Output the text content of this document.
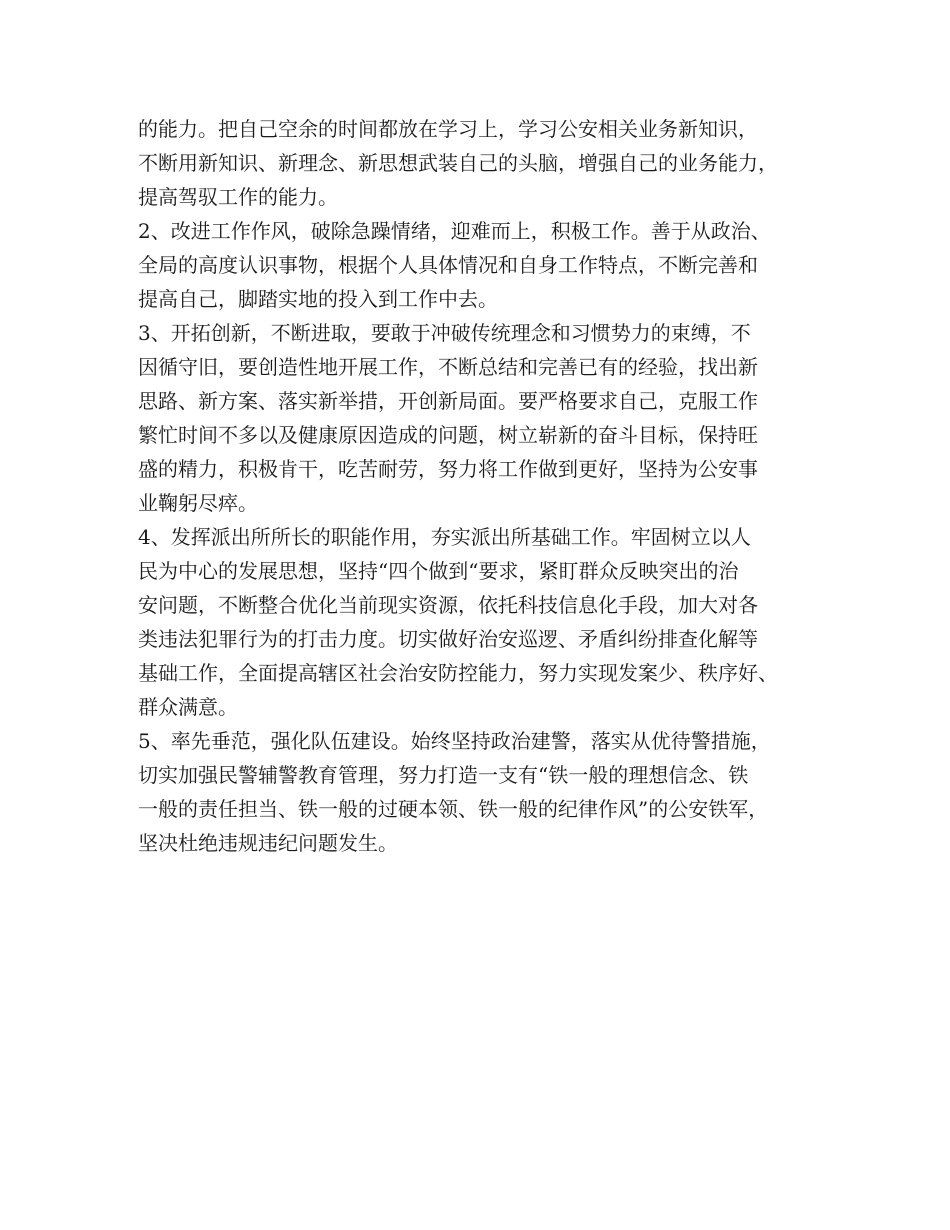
的能力。把自己空余的时间都放在学习上，学习公安相关业务新知识，
不断用新知识、新理念、新思想武装自己的头脑，增强自己的业务能力，
提高驾驭工作的能力。
2、改进工作作风，破除急躁情绪，迎难而上，积极工作。善于从政治、
全局的高度认识事物，根据个人具体情况和自身工作特点，不断完善和
提高自己，脚踏实地的投入到工作中去。
3、开拓创新，不断进取，要敢于冲破传统理念和习惯势力的束缚，不
因循守旧，要创造性地开展工作，不断总结和完善已有的经验，找出新
思路、新方案、落实新举措，开创新局面。要严格要求自己，克服工作
繁忙时间不多以及健康原因造成的问题，树立崭新的奋斗目标，保持旺
盛的精力，积极肯干，吃苦耐劳，努力将工作做到更好，坚持为公安事
业鞠躬尽瘁。
4、发挥派出所所长的职能作用，夯实派出所基础工作。牢固树立以人
民为中心的发展思想，坚持“四个做到“要求，紧盯群众反映突出的治
安问题，不断整合优化当前现实资源，依托科技信息化手段，加大对各
类违法犯罪行为的打击力度。切实做好治安巡逻、矛盾纠纷排查化解等
基础工作，全面提高辖区社会治安防控能力，努力实现发案少、秩序好、
群众满意。
5、率先垂范，强化队伍建设。始终坚持政治建警，落实从优待警措施，
切实加强民警辅警教育管理，努力打造一支有“铁一般的理想信念、铁
一般的责任担当、铁一般的过硬本领、铁一般的纪律作风”的公安铁军，
坚决杜绝违规违纪问题发生。
